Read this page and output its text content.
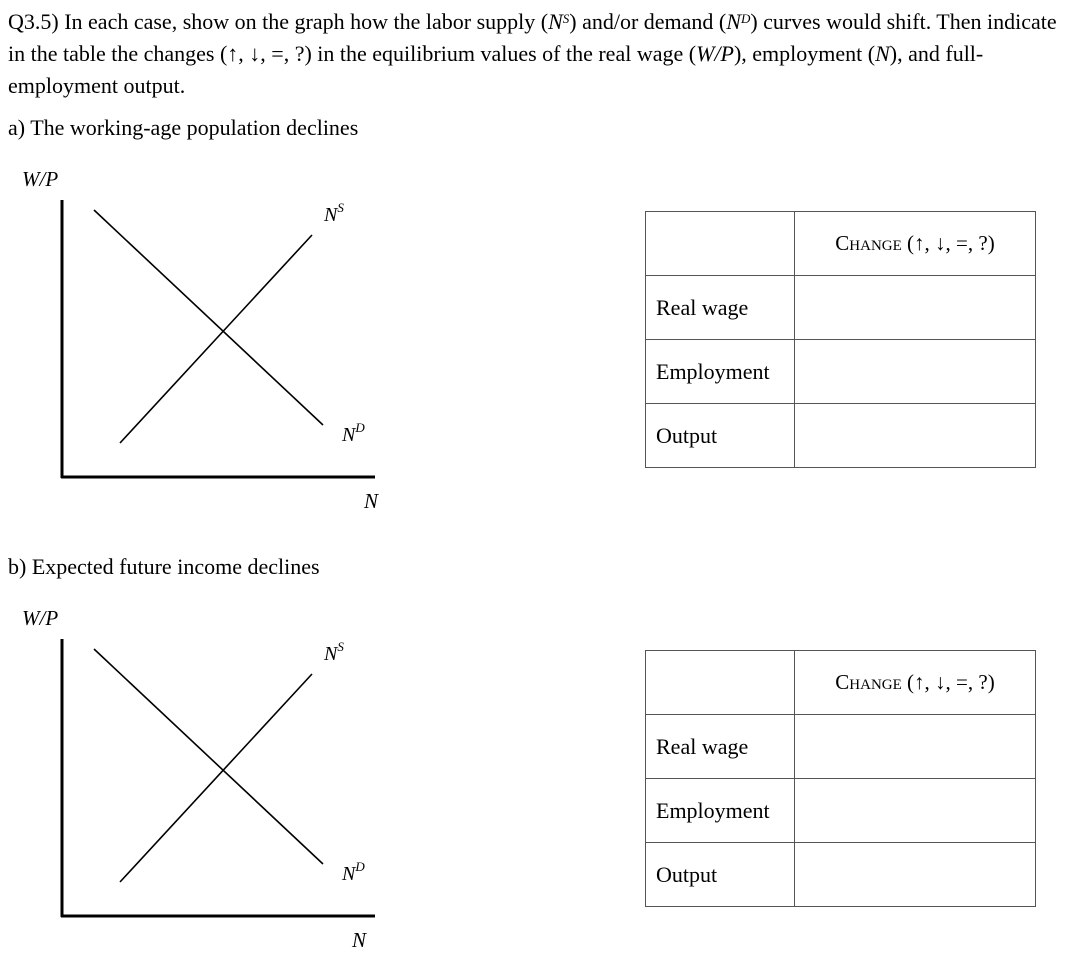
Q3.5) In each case, show on the graph how the labor supply $(N^S)$ and/or demand $(N^D)$ curves would shift. Then indicate in the table the changes (↑, ↓, =, ?) in the equilibrium values of the real wage (W/P), employment (N), and full-employment output.
a) The working-age population declines
W/P
$N^S$
$N^D$
N
	Change (↑, ↓, =, ?)
Real wage	
Employment	
Output	
b) Expected future income declines
W/P
$N^S$
$N^D$
N
	Change (↑, ↓, =, ?)
Real wage	
Employment	
Output	
